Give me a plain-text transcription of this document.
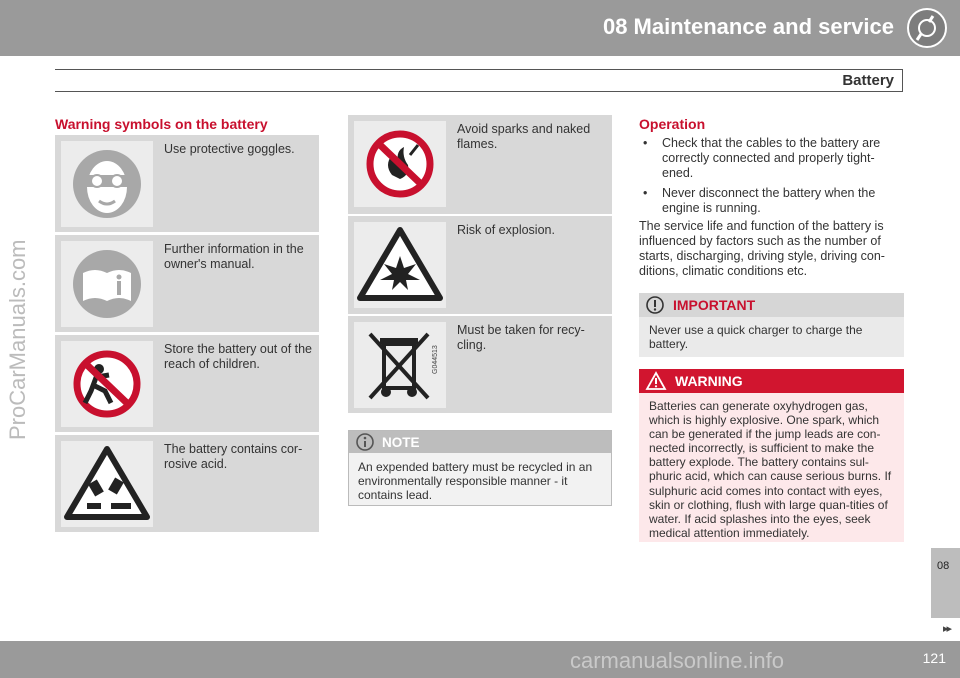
08 Maintenance and service
Battery
Warning symbols on the battery
Use protective goggles.
Further information in the owner's manual.
Store the battery out of the reach of children.
The battery contains cor-rosive acid.
Avoid sparks and naked flames.
Risk of explosion.
G044513
Must be taken for recy-cling.
NOTE
An expended battery must be recycled in an environmentally responsible manner - it contains lead.
Operation
• Check that the cables to the battery are correctly connected and properly tight-ened.
• Never disconnect the battery when the engine is running.
The service life and function of the battery is influenced by factors such as the number of starts, discharging, driving style, driving con-ditions, climatic conditions etc.
IMPORTANT
Never use a quick charger to charge the battery.
WARNING
Batteries can generate oxyhydrogen gas, which is highly explosive. One spark, which can be generated if the jump leads are con-nected incorrectly, is sufficient to make the battery explode. The battery contains sul-phuric acid, which can cause serious burns. If sulphuric acid comes into contact with eyes, skin or clothing, flush with large quan-tities of water. If acid splashes into the eyes, seek medical attention immediately.
08
▸▸
121
ProCarManuals.com
carmanualsonline.info
